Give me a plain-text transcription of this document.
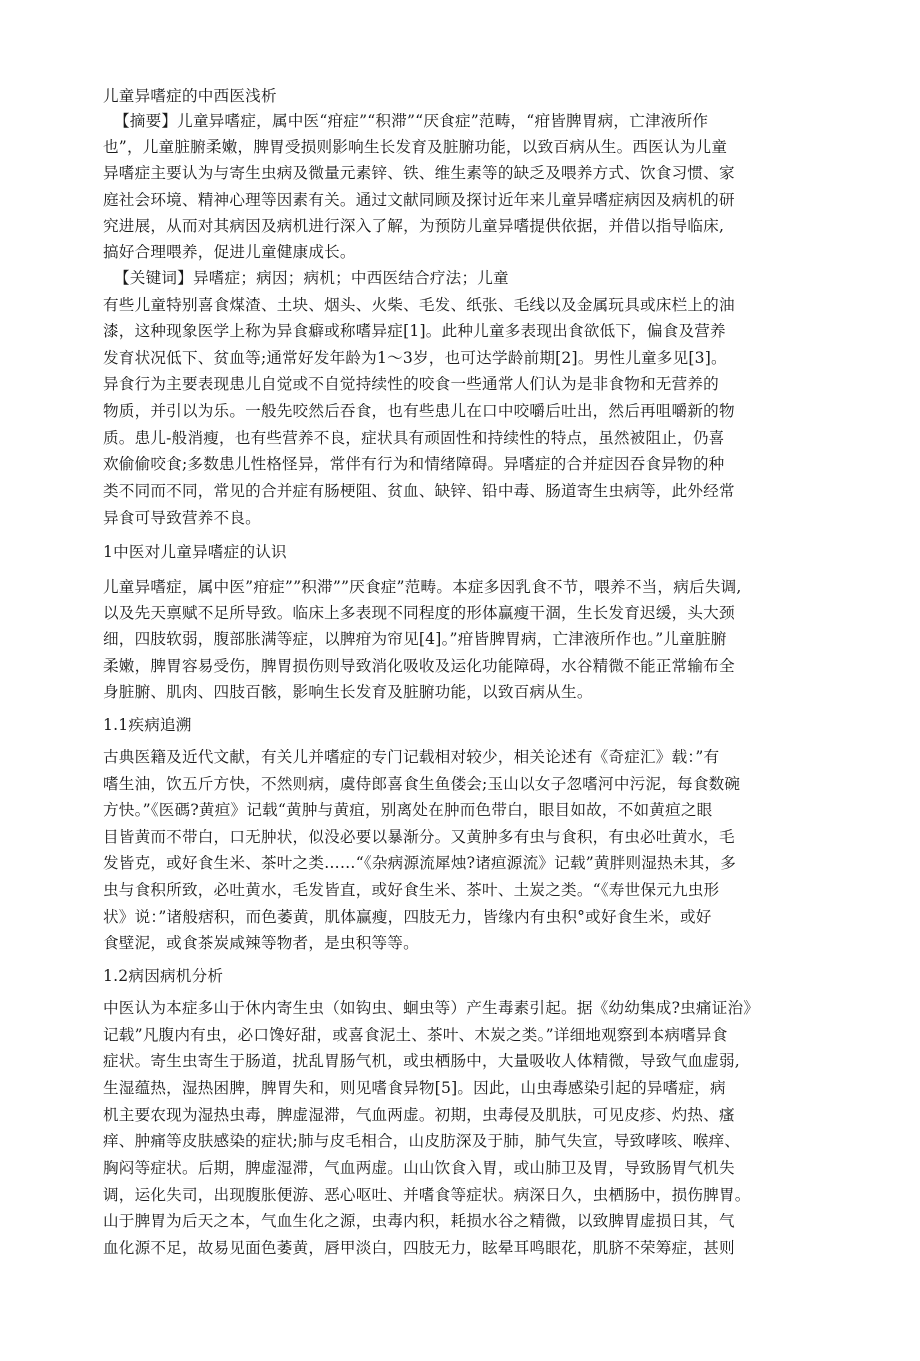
儿童异嗜症的中西医浅析
【摘要】儿童异嗜症，属中医“疳症”“积滞”“厌食症”范畴，“疳皆脾胃病，亡津液所作
也”，儿童脏腑柔嫩，脾胃受损则影响生长发育及脏腑功能，以致百病从生。西医认为儿童
异嗜症主要认为与寄生虫病及微量元素锌、铁、维生素等的缺乏及喂养方式、饮食习惯、家
庭社会环境、精神心理等因素有关。通过文献同顾及探讨近年来儿童异嗜症病因及病机的研
究进展，从而对其病因及病机进行深入了解，为预防儿童异嗜提供依据，并借以指导临床,
搞好合理喂养，促进儿童健康成长。
【关键词】异嗜症；病因；病机；中西医结合疗法；儿童
有些儿童特别喜食煤渣、土块、烟头、火柴、毛发、纸张、毛线以及金属玩具或床栏上的油
漆，这种现象医学上称为异食癖或称嗜异症[1]。此种儿童多表现出食欲低下，偏食及营养
发育状况低下、贫血等;通常好发年龄为1〜3岁，也可达学龄前期[2]。男性儿童多见[3]。
异食行为主要表现患儿自觉或不自觉持续性的咬食一些通常人们认为是非食物和无营养的
物质，并引以为乐。一般先咬然后吞食，也有些患儿在口中咬嚼后吐出，然后再咀嚼新的物
质。患儿-般消瘦，也有些营养不良，症状具有顽固性和持续性的特点，虽然被阻止，仍喜
欢偷偷咬食;多数患儿性格怪异，常伴有行为和情绪障碍。异嗜症的合并症因吞食异物的种
类不同而不同，常见的合并症有肠梗阻、贫血、缺锌、铅中毒、肠道寄生虫病等，此外经常
异食可导致营养不良。
1中医对儿童异嗜症的认识
儿童异嗜症，属中医”疳症””积滞””厌食症”范畴。本症多因乳食不节，喂养不当，病后失调,
以及先天禀赋不足所导致。临床上多表现不同程度的形体赢瘦干涸，生长发育迟缓，头大颈
细，四肢软弱，腹部胀满等症，以脾疳为帘见[4]。”疳皆脾胃病，亡津液所作也。”儿童脏腑
柔嫩，脾胃容易受伤，脾胃损伤则导致消化吸收及运化功能障碍，水谷精微不能正常输布全
身脏腑、肌肉、四肢百骸，影响生长发育及脏腑功能，以致百病从生。
1.1疾病追溯
古典医籍及近代文献，有关儿并嗜症的专门记载相对较少，相关论述有《奇症汇》载：”有
嗜生油，饮五斤方快，不然则病，虞侍郎喜食生鱼偻会;玉山以女子忽嗜河中污泥，每食数碗
方快。”《医碼?黄疸》记载“黄肿与黄疽，别离处在肿而色带白，眼目如故，不如黄疸之眼
目皆黄而不带白，口无肿状，似没必要以暴渐分。又黄肿多有虫与食积，有虫必吐黄水，毛
发皆克，或好食生米、茶叶之类……“《杂病源流犀烛?诸疸源流》记载”黄胖则湿热未其，多
虫与食积所致，必吐黄水，毛发皆直，或好食生米、茶叶、土炭之类。“《寿世保元九虫形
状》说：”诸般痞积，而色萎黄，肌体赢瘦，四肢无力，皆缘内有虫积°或好食生米，或好
食壁泥，或食茶炭咸辣等物者，是虫积等等。
1.2病因病机分析
中医认为本症多山于休内寄生虫（如钩虫、蛔虫等）产生毒素引起。据《幼幼集成?虫痛证治》
记载”凡腹内有虫，必口馋好甜，或喜食泥土、茶叶、木炭之类。”详细地观察到本病嗜异食
症状。寄生虫寄生于肠道，扰乱胃肠气机，或虫栖肠中，大量吸收人体精微，导致气血虚弱,
生湿蕴热，湿热困脾，脾胃失和，则见嗜食异物[5]。因此，山虫毒感染引起的异嗜症，病
机主要农现为湿热虫毒，脾虚湿滞，气血两虚。初期，虫毒侵及肌肤，可见皮疹、灼热、瘙
痒、肿痛等皮肤感染的症状;肺与皮毛相合，山皮肪深及于肺，肺气失宣，导致哮咳、喉痒、
胸闷等症状。后期，脾虚湿滞，气血两虚。山山饮食入胃，或山肺卫及胃，导致肠胃气机失
调，运化失司，出现腹胀便游、恶心呕吐、并嗜食等症状。病深日久，虫栖肠中，损伤脾胃。
山于脾胃为后天之本，气血生化之源，虫毒内积，耗损水谷之精微，以致脾胃虚损日其，气
血化源不足，故易见面色萎黄，唇甲淡白，四肢无力，眩晕耳鸣眼花，肌脐不荣筹症，甚则
